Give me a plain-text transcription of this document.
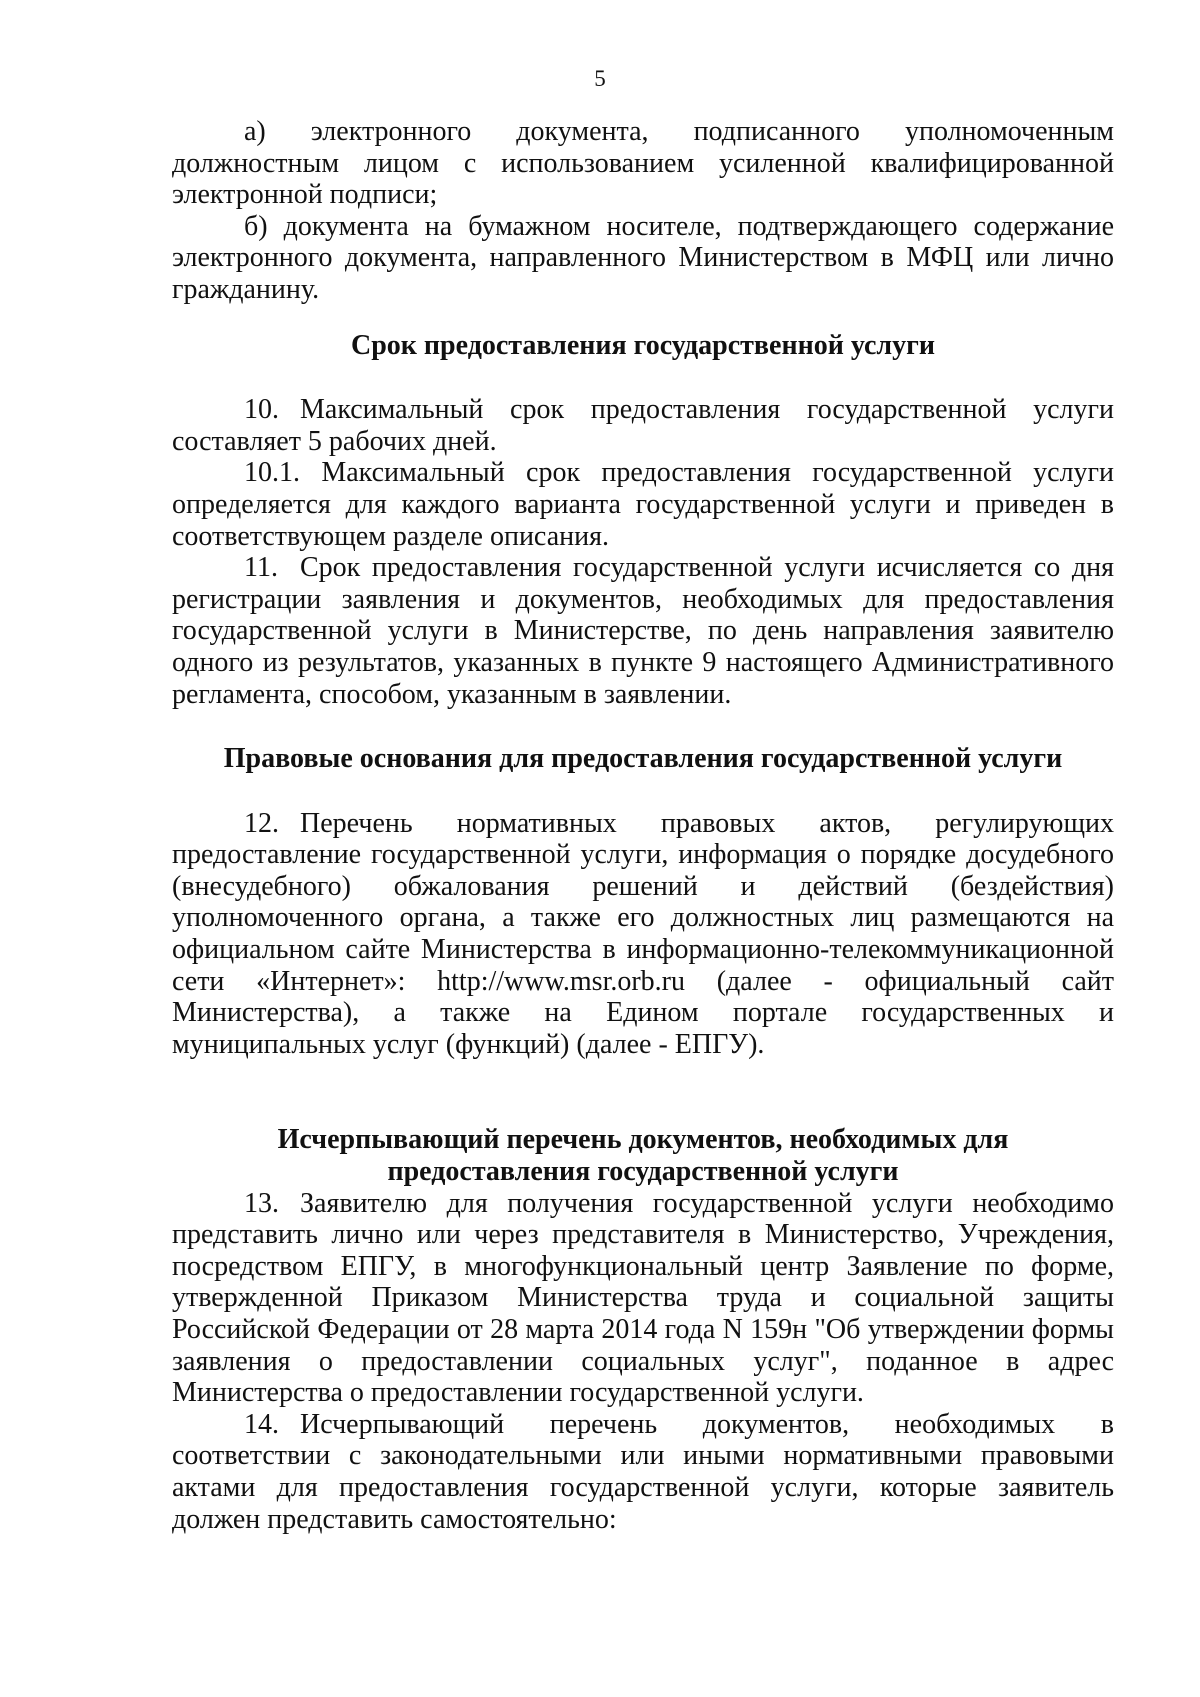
5

а) электронного документа, подписанного уполномоченным должностным лицом с использованием усиленной квалифицированной электронной подписи;

б) документа на бумажном носителе, подтверждающего содержание электронного документа, направленного Министерством в МФЦ или лично гражданину.

Срок предоставления государственной услуги

10. Максимальный срок предоставления государственной услуги составляет 5 рабочих дней.

10.1. Максимальный срок предоставления государственной услуги определяется для каждого варианта государственной услуги и приведен в соответствующем разделе описания.

11. Срок предоставления государственной услуги исчисляется со дня регистрации заявления и документов, необходимых для предоставления государственной услуги в Министерстве, по день направления заявителю одного из результатов, указанных в пункте 9 настоящего Административного регламента, способом, указанным в заявлении.

Правовые основания для предоставления государственной услуги

12. Перечень нормативных правовых актов, регулирующих предоставление государственной услуги, информация о порядке досудебного (внесудебного) обжалования решений и действий (бездействия) уполномоченного органа, а также его должностных лиц размещаются на официальном сайте Министерства в информационно-телекоммуникационной сети «Интернет»: http://www.msr.orb.ru (далее - официальный сайт Министерства), а также на Едином портале государственных и муниципальных услуг (функций) (далее - ЕПГУ).

Исчерпывающий перечень документов, необходимых для предоставления государственной услуги

13. Заявителю для получения государственной услуги необходимо представить лично или через представителя в Министерство, Учреждения, посредством ЕПГУ, в многофункциональный центр Заявление по форме, утвержденной Приказом Министерства труда и социальной защиты Российской Федерации от 28 марта 2014 года N 159н "Об утверждении формы заявления о предоставлении социальных услуг", поданное в адрес Министерства о предоставлении государственной услуги.

14. Исчерпывающий перечень документов, необходимых в соответствии с законодательными или иными нормативными правовыми актами для предоставления государственной услуги, которые заявитель должен представить самостоятельно:
